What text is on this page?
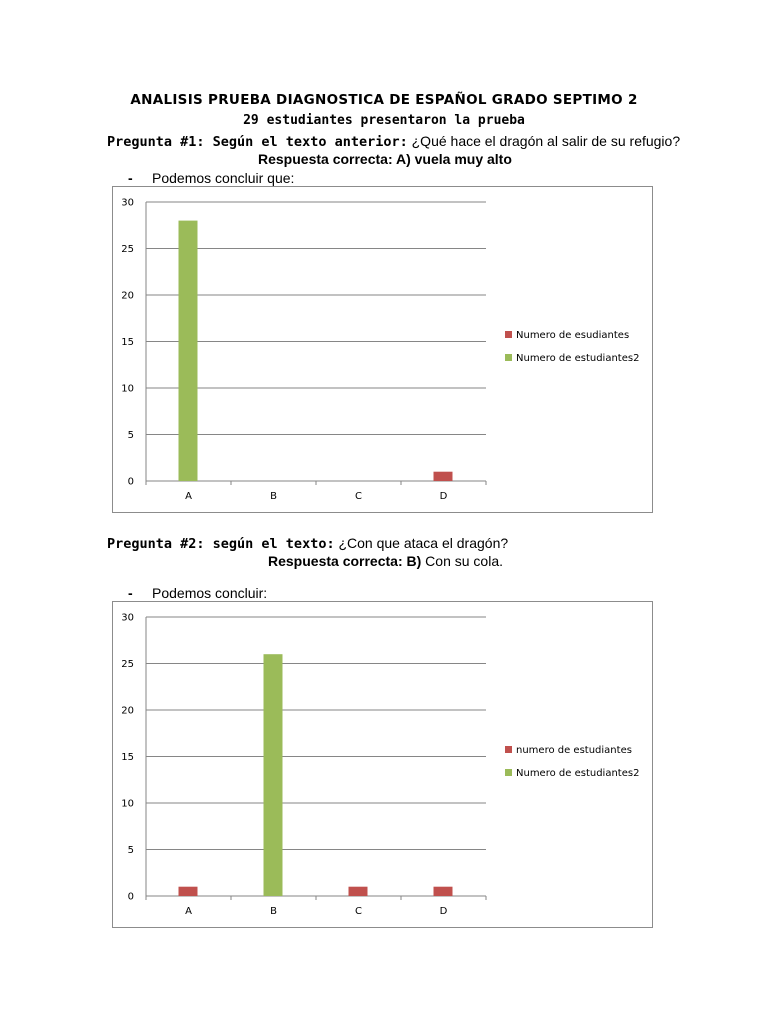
ANALISIS PRUEBA DIAGNOSTICA DE ESPAÑOL GRADO SEPTIMO 2
29 estudiantes presentaron la prueba
Pregunta #1: Según el texto anterior: ¿Qué hace el dragón al salir de su refugio?
Respuesta correcta: A) vuela muy alto
- Podemos concluir que:
0
5
10
15
20
25
30
A	B	C	D
Numero de esudiantes
Numero de estudiantes2
Pregunta #2: según el texto: ¿Con que ataca el dragón?
Respuesta correcta: B) Con su cola.
- Podemos concluir:
0
5
10
15
20
25
30
A	B	C	D
numero de estudiantes
Numero de estudiantes2
